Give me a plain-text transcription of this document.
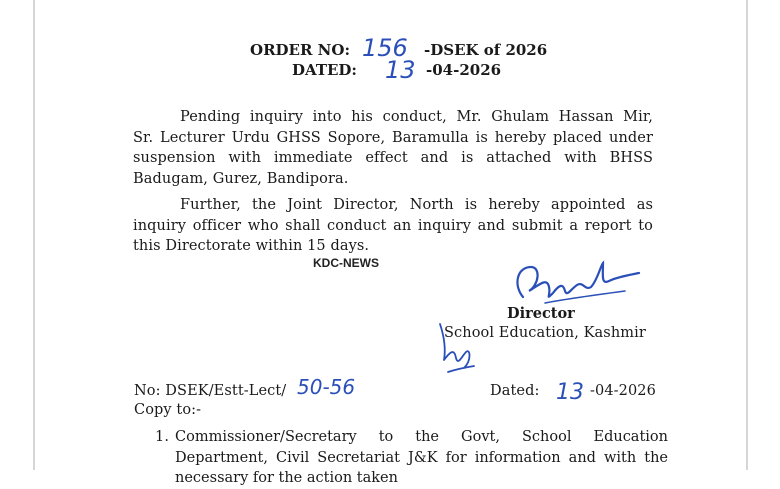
ORDER NO: 156 -DSEK of 2026
DATED: 13 -04-2026
Pending inquiry into his conduct, Mr. Ghulam Hassan Mir,
Sr. Lecturer Urdu GHSS Sopore, Baramulla is hereby placed under
suspension with immediate effect and is attached with BHSS
Badugam, Gurez, Bandipora.
Further, the Joint Director, North is hereby appointed as
inquiry officer who shall conduct an inquiry and submit a report to
this Directorate within 15 days.
KDC-NEWS
Director
School Education, Kashmir
No: DSEK/Estt-Lect/ 50-56	Dated: 13 -04-2026
Copy to:-
1. Commissioner/Secretary to the Govt, School Education
Department, Civil Secretariat J&K for information and with the
necessary for the action taken
